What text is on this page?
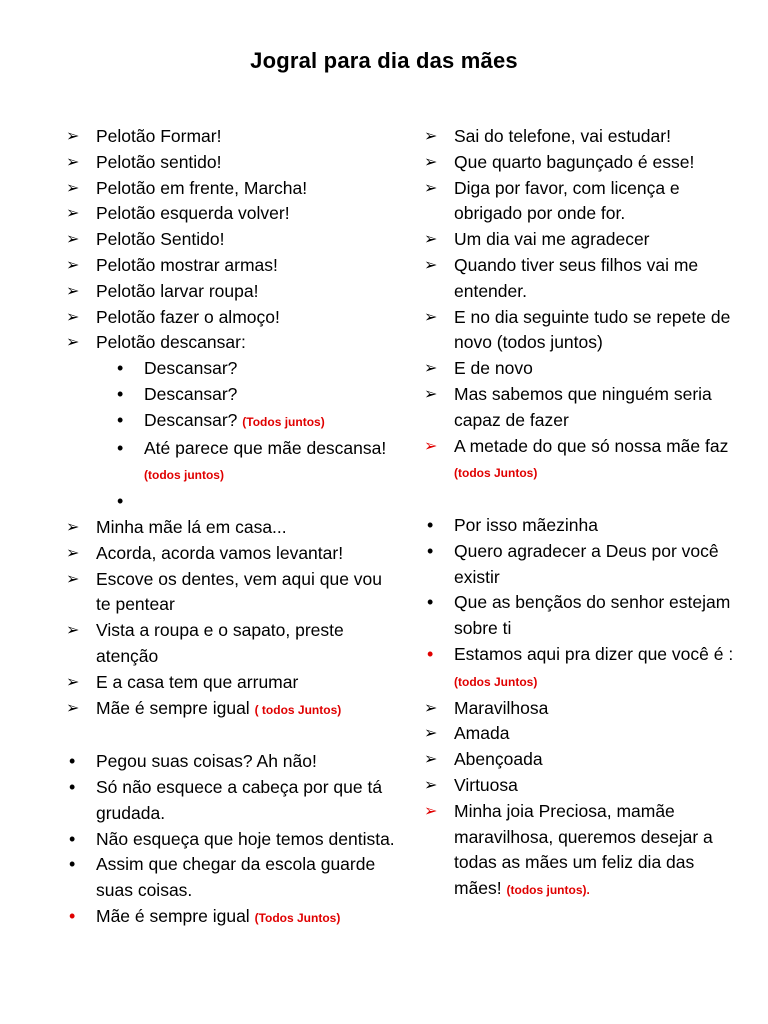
Jogral para dia das mães
➢ Pelotão Formar!
➢ Pelotão sentido!
➢ Pelotão em frente, Marcha!
➢ Pelotão esquerda volver!
➢ Pelotão Sentido!
➢ Pelotão mostrar armas!
➢ Pelotão larvar roupa!
➢ Pelotão fazer o almoço!
➢ Pelotão descansar:
•	Descansar?
•	Descansar?
•	Descansar? (Todos juntos)
•	Até parece que mãe descansa! (todos juntos)
•

➢ Minha mãe lá em casa...
➢ Acorda, acorda vamos levantar!
➢ Escove os dentes, vem aqui que vou te pentear
➢ Vista a roupa e o sapato, preste atenção
➢ E a casa tem que arrumar
➢ Mãe é sempre igual ( todos Juntos)
•	Pegou suas coisas? Ah não!
•	Só não esquece a cabeça por que tá grudada.
•	Não esqueça que hoje temos dentista.
•	Assim que chegar da escola guarde suas coisas.
•	Mãe é sempre igual (Todos Juntos)
➢ Sai do telefone, vai estudar!
➢ Que quarto bagunçado é esse!
➢ Diga por favor, com licença e obrigado por onde for.
➢ Um dia vai me agradecer
➢ Quando tiver seus filhos vai me entender.
➢ E no dia seguinte tudo se repete de novo (todos juntos)
➢ E de novo
➢ Mas sabemos que ninguém seria capaz de fazer
➢ A metade do que só nossa mãe faz (todos Juntos)
•	Por isso mãezinha
•	Quero agradecer a Deus por você existir
•	Que as bençãos do senhor estejam sobre ti
•	Estamos aqui pra dizer que você é : (todos Juntos)
➢ Maravilhosa
➢ Amada
➢ Abençoada
➢ Virtuosa
➢ Minha joia Preciosa, mamãe maravilhosa, queremos desejar a todas as mães um feliz dia das mães! (todos juntos).
